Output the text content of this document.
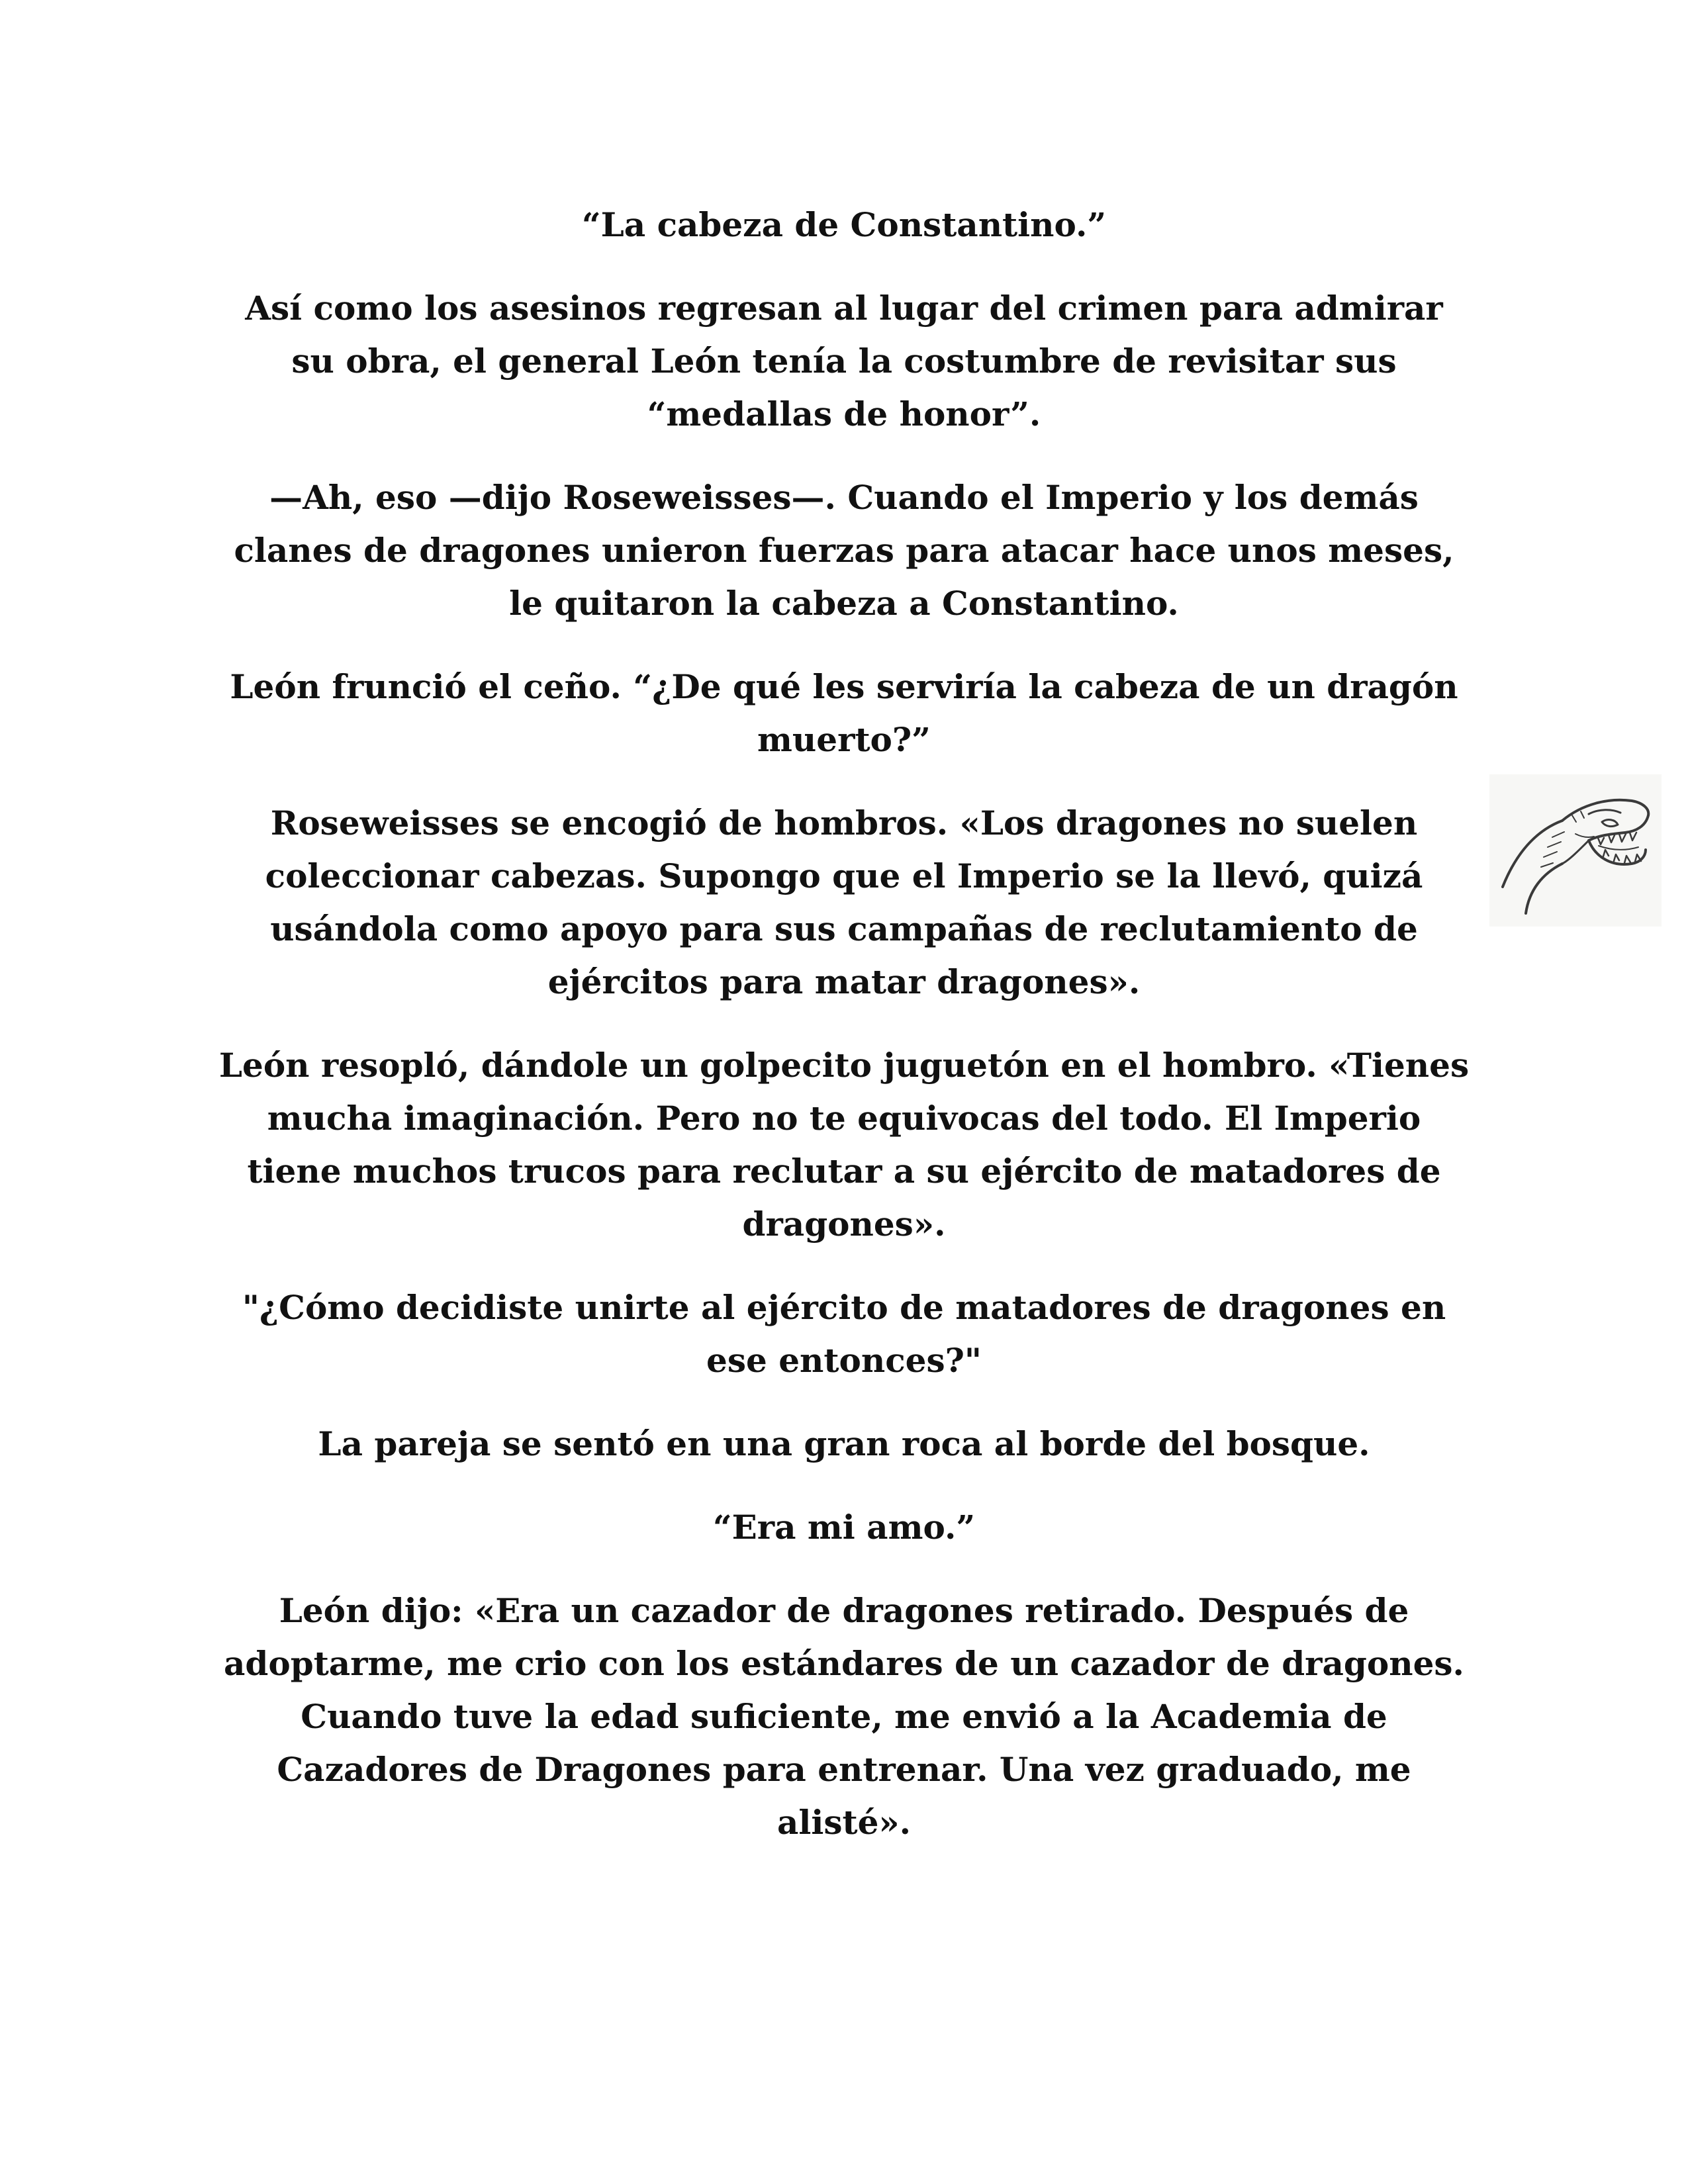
“La cabeza de Constantino.”

Así como los asesinos regresan al lugar del crimen para admirar su obra, el general León tenía la costumbre de revisitar sus “medallas de honor”.

—Ah, eso —dijo Roseweisses—. Cuando el Imperio y los demás clanes de dragones unieron fuerzas para atacar hace unos meses, le quitaron la cabeza a Constantino.

León frunció el ceño. “¿De qué les serviría la cabeza de un dragón muerto?”

Roseweisses se encogió de hombros. «Los dragones no suelen coleccionar cabezas. Supongo que el Imperio se la llevó, quizá usándola como apoyo para sus campañas de reclutamiento de ejércitos para matar dragones».

León resopló, dándole un golpecito juguetón en el hombro. «Tienes mucha imaginación. Pero no te equivocas del todo. El Imperio tiene muchos trucos para reclutar a su ejército de matadores de dragones».

"¿Cómo decidiste unirte al ejército de matadores de dragones en ese entonces?"

La pareja se sentó en una gran roca al borde del bosque.

“Era mi amo.”

León dijo: «Era un cazador de dragones retirado. Después de adoptarme, me crio con los estándares de un cazador de dragones. Cuando tuve la edad suficiente, me envió a la Academia de Cazadores de Dragones para entrenar. Una vez graduado, me alisté».
